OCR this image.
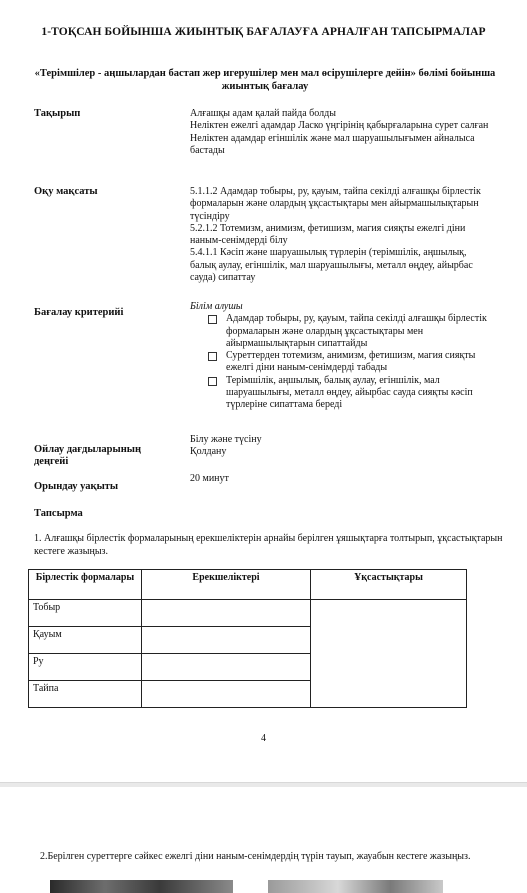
1-ТОҚСАН БОЙЫНША ЖИЫНТЫҚ БАҒАЛАУҒА АРНАЛҒАН ТАПСЫРМАЛАР
«Терімшілер - аңшылардан бастап жер игерушілер мен мал өсірушілерге дейін» бөлімі бойынша жиынтық бағалау
Тақырып	Алғашқы адам қалай пайда болды
Неліктен ежелгі адамдар Ласко үңгірінің қабырғаларына сурет салған
Неліктен адамдар егіншілік және мал шаруашылығымен айналыса бастады
Оқу мақсаты	5.1.1.2 Адамдар тобыры, ру, қауым, тайпа секілді алғашқы бірлестік формаларын және олардың ұқсастықтары мен айырмашылықтарын түсіндіру
5.2.1.2 Тотемизм, анимизм, фетишизм, магия сияқты ежелгі діни наным-сенімдерді білу
5.4.1.1 Кәсіп және шаруашылық түрлерін (терімшілік, аңшылық, балық аулау, егіншілік, мал шаруашылығы, металл өңдеу, айырбас сауда) сипаттау
Бағалау критерийі
Білім алушы
Адамдар тобыры, ру, қауым, тайпа секілді алғашқы бірлестік формаларын және олардың ұқсастықтары мен айырмашылықтарын сипаттайды
Суреттерден тотемизм, анимизм, фетишизм, магия сияқты ежелгі діни наным-сенімдерді табады
Терімшілік, аңшылық, балық аулау, егіншілік, мал шаруашылығы, металл өңдеу, айырбас сауда сияқты кәсіп түрлеріне сипаттама береді
Ойлау дағдыларының деңгейі
Білу және түсіну
Қолдану
Орындау уақыты
20 минут
Тапсырма
1. Алғашқы бірлестік формаларының ерекшеліктерін арнайы берілген ұяшықтарға толтырып, ұқсастықтарын кестеге жазыңыз.
Бірлестік формалары	Ерекшеліктері	Ұқсастықтары
Тобыр		
Қауым		
Ру		
Тайпа		
4
2.Берілген суреттерге сәйкес ежелгі діни наным-сенімдердің түрін тауып, жауабын кестеге жазыңыз.
